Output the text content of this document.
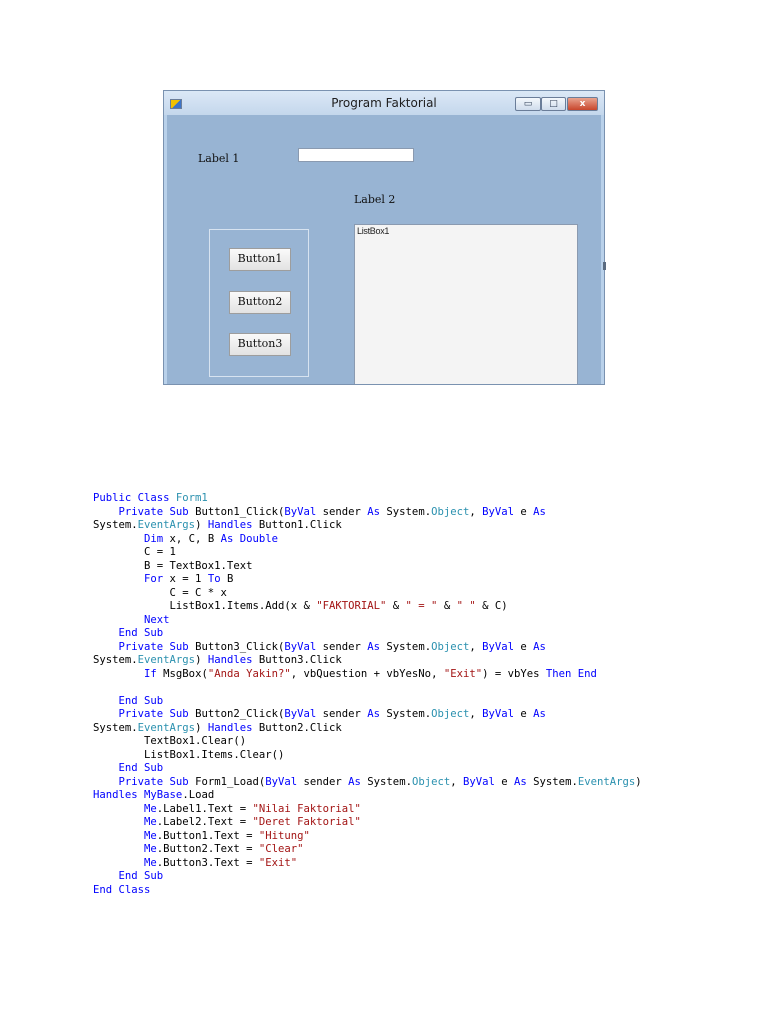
Program Faktorial	▭	□	x
Label 1
Label 2
Button1
Button2
Button3
ListBox1
Public Class Form1
Private Sub Button1_Click(ByVal sender As System.Object, ByVal e As
System.EventArgs) Handles Button1.Click
Dim x, C, B As Double
C = 1
B = TextBox1.Text
For x = 1 To B
C = C * x
ListBox1.Items.Add(x & "FAKTORIAL" & " = " & " " & C)
Next
End Sub
Private Sub Button3_Click(ByVal sender As System.Object, ByVal e As
System.EventArgs) Handles Button3.Click
If MsgBox("Anda Yakin?", vbQuestion + vbYesNo, "Exit") = vbYes Then End

End Sub
Private Sub Button2_Click(ByVal sender As System.Object, ByVal e As
System.EventArgs) Handles Button2.Click
TextBox1.Clear()
ListBox1.Items.Clear()
End Sub
Private Sub Form1_Load(ByVal sender As System.Object, ByVal e As System.EventArgs)
Handles MyBase.Load
Me.Label1.Text = "Nilai Faktorial"
Me.Label2.Text = "Deret Faktorial"
Me.Button1.Text = "Hitung"
Me.Button2.Text = "Clear"
Me.Button3.Text = "Exit"
End Sub
End Class
